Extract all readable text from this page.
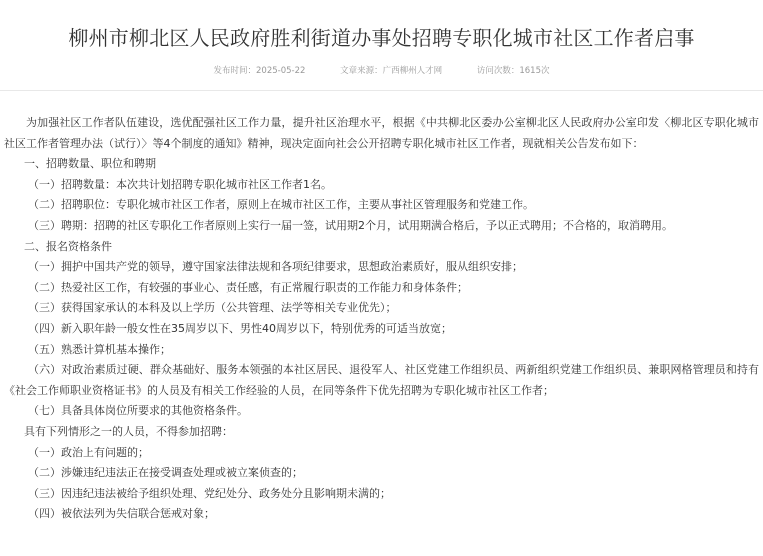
柳州市柳北区人民政府胜利街道办事处招聘专职化城市社区工作者启事
发布时间：2025-05-22	文章来源：广西柳州人才网	访问次数：1615次

为加强社区工作者队伍建设，选优配强社区工作力量，提升社区治理水平，根据《中共柳北区委办公室柳北区人民政府办公室印发〈柳北区专职化城市社区工作者管理办法（试行）〉等4个制度的通知》精神，现决定面向社会公开招聘专职化城市社区工作者，现就相关公告发布如下：

一、招聘数量、职位和聘期

（一）招聘数量：本次共计划招聘专职化城市社区工作者1名。

（二）招聘职位：专职化城市社区工作者，原则上在城市社区工作，主要从事社区管理服务和党建工作。

（三）聘期：招聘的社区专职化工作者原则上实行一届一签，试用期2个月，试用期满合格后，予以正式聘用；不合格的，取消聘用。

二、报名资格条件

（一）拥护中国共产党的领导，遵守国家法律法规和各项纪律要求，思想政治素质好，服从组织安排；

（二）热爱社区工作，有较强的事业心、责任感，有正常履行职责的工作能力和身体条件；

（三）获得国家承认的本科及以上学历（公共管理、法学等相关专业优先）；

（四）新入职年龄一般女性在35周岁以下、男性40周岁以下，特别优秀的可适当放宽；

（五）熟悉计算机基本操作；

（六）对政治素质过硬、群众基础好、服务本领强的本社区居民、退役军人、社区党建工作组织员、两新组织党建工作组织员、兼职网格管理员和持有《社会工作师职业资格证书》的人员及有相关工作经验的人员，在同等条件下优先招聘为专职化城市社区工作者；

（七）具备具体岗位所要求的其他资格条件。

具有下列情形之一的人员，不得参加招聘：

（一）政治上有问题的；

（二）涉嫌违纪违法正在接受调查处理或被立案侦查的；

（三）因违纪违法被给予组织处理、党纪处分、政务处分且影响期未满的；

（四）被依法列为失信联合惩戒对象；
